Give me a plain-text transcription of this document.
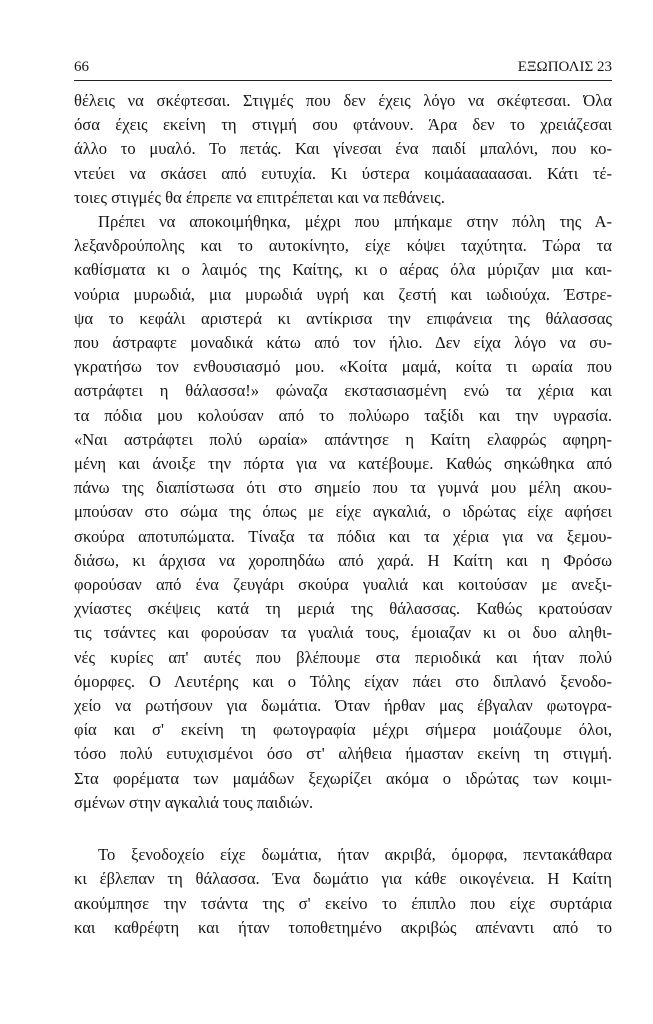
66	ΕΞΩΠΟΛΙΣ 23
θέλεις να σκέφτεσαι. Στιγμές που δεν έχεις λόγο να σκέφτεσαι. Όλα
όσα έχεις εκείνη τη στιγμή σου φτάνουν. Άρα δεν το χρειάζεσαι
άλλο το μυαλό. Το πετάς. Και γίνεσαι ένα παιδί μπαλόνι, που κο-
ντεύει να σκάσει από ευτυχία. Κι ύστερα κοιμάααααασαι. Κάτι τέ-
τοιες στιγμές θα έπρεπε να επιτρέπεται και να πεθάνεις.
Πρέπει να αποκοιμήθηκα, μέχρι που μπήκαμε στην πόλη της Α-
λεξανδρούπολης και το αυτοκίνητο, είχε κόψει ταχύτητα. Τώρα τα
καθίσματα κι ο λαιμός της Καίτης, κι ο αέρας όλα μύριζαν μια και-
νούρια μυρωδιά, μια μυρωδιά υγρή και ζεστή και ιωδιούχα. Έστρε-
ψα το κεφάλι αριστερά κι αντίκρισα την επιφάνεια της θάλασσας
που άστραφτε μοναδικά κάτω από τον ήλιο. Δεν είχα λόγο να συ-
γκρατήσω τον ενθουσιασμό μου. «Κοίτα μαμά, κοίτα τι ωραία που
αστράφτει η θάλασσα!» φώναζα εκστασιασμένη ενώ τα χέρια και
τα πόδια μου κολούσαν από το πολύωρο ταξίδι και την υγρασία.
«Ναι αστράφτει πολύ ωραία» απάντησε η Καίτη ελαφρώς αφηρη-
μένη και άνοιξε την πόρτα για να κατέβουμε. Καθώς σηκώθηκα από
πάνω της διαπίστωσα ότι στο σημείο που τα γυμνά μου μέλη ακου-
μπούσαν στο σώμα της όπως με είχε αγκαλιά, ο ιδρώτας είχε αφήσει
σκούρα αποτυπώματα. Τίναξα τα πόδια και τα χέρια για να ξεμου-
διάσω, κι άρχισα να χοροπηδάω από χαρά. Η Καίτη και η Φρόσω
φορούσαν από ένα ζευγάρι σκούρα γυαλιά και κοιτούσαν με ανεξι-
χνίαστες σκέψεις κατά τη μεριά της θάλασσας. Καθώς κρατούσαν
τις τσάντες και φορούσαν τα γυαλιά τους, έμοιαζαν κι οι δυο αληθι-
νές κυρίες απ' αυτές που βλέπουμε στα περιοδικά και ήταν πολύ
όμορφες. Ο Λευτέρης και ο Τόλης είχαν πάει στο διπλανό ξενοδο-
χείο να ρωτήσουν για δωμάτια. Όταν ήρθαν μας έβγαλαν φωτογρα-
φία και σ' εκείνη τη φωτογραφία μέχρι σήμερα μοιάζουμε όλοι,
τόσο πολύ ευτυχισμένοι όσο στ' αλήθεια ήμασταν εκείνη τη στιγμή.
Στα φορέματα των μαμάδων ξεχωρίζει ακόμα ο ιδρώτας των κοιμι-
σμένων στην αγκαλιά τους παιδιών.
Το ξενοδοχείο είχε δωμάτια, ήταν ακριβά, όμορφα, πεντακάθαρα
κι έβλεπαν τη θάλασσα. Ένα δωμάτιο για κάθε οικογένεια. Η Καίτη
ακούμπησε την τσάντα της σ' εκείνο το έπιπλο που είχε συρτάρια
και καθρέφτη και ήταν τοποθετημένο ακριβώς απέναντι από το
